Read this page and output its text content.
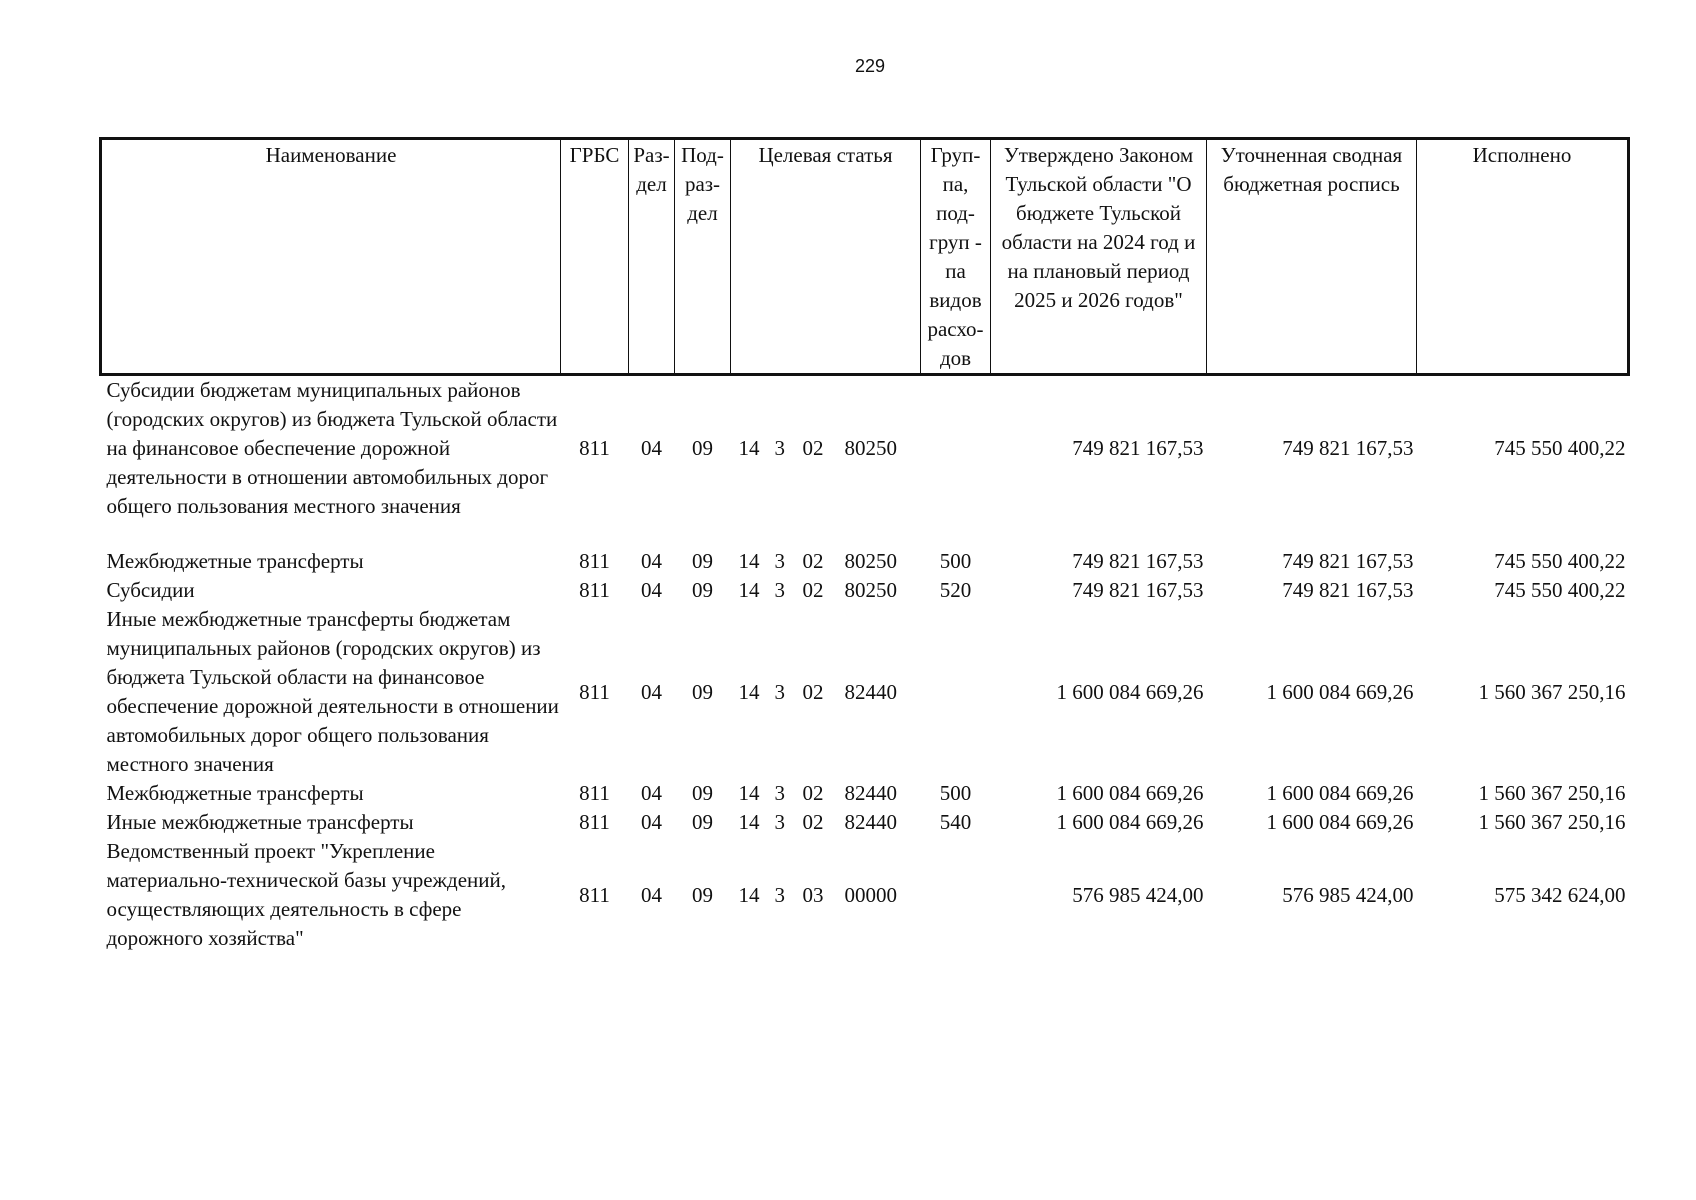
229
Наименование	ГРБС	Раз-дел	Под-раз-дел	Целевая статья	Груп-па, под-груп - па видов расхо-дов	Утверждено Законом Тульской области "О бюджете Тульской области на 2024 год и на плановый период 2025 и 2026 годов"	Уточненная сводная бюджетная роспись	Исполнено
Субсидии бюджетам муниципальных районов (городских округов) из бюджета Тульской области на финансовое обеспечение дорожной деятельности в отношении автомобильных дорог общего пользования местного значения	811	04	09	14 3 02 80250		749 821 167,53	749 821 167,53	745 550 400,22

Межбюджетные трансферты	811	04	09	14 3 02 80250	500	749 821 167,53	749 821 167,53	745 550 400,22
Субсидии	811	04	09	14 3 02 80250	520	749 821 167,53	749 821 167,53	745 550 400,22
Иные межбюджетные трансферты бюджетам муниципальных районов (городских округов) из бюджета Тульской области на финансовое обеспечение дорожной деятельности в отношении автомобильных дорог общего пользования местного значения	811	04	09	14 3 02 82440		1 600 084 669,26	1 600 084 669,26	1 560 367 250,16
Межбюджетные трансферты	811	04	09	14 3 02 82440	500	1 600 084 669,26	1 600 084 669,26	1 560 367 250,16
Иные межбюджетные трансферты	811	04	09	14 3 02 82440	540	1 600 084 669,26	1 600 084 669,26	1 560 367 250,16
Ведомственный проект "Укрепление материально-технической базы учреждений, осуществляющих деятельность в сфере дорожного хозяйства"	811	04	09	14 3 03 00000		576 985 424,00	576 985 424,00	575 342 624,00
